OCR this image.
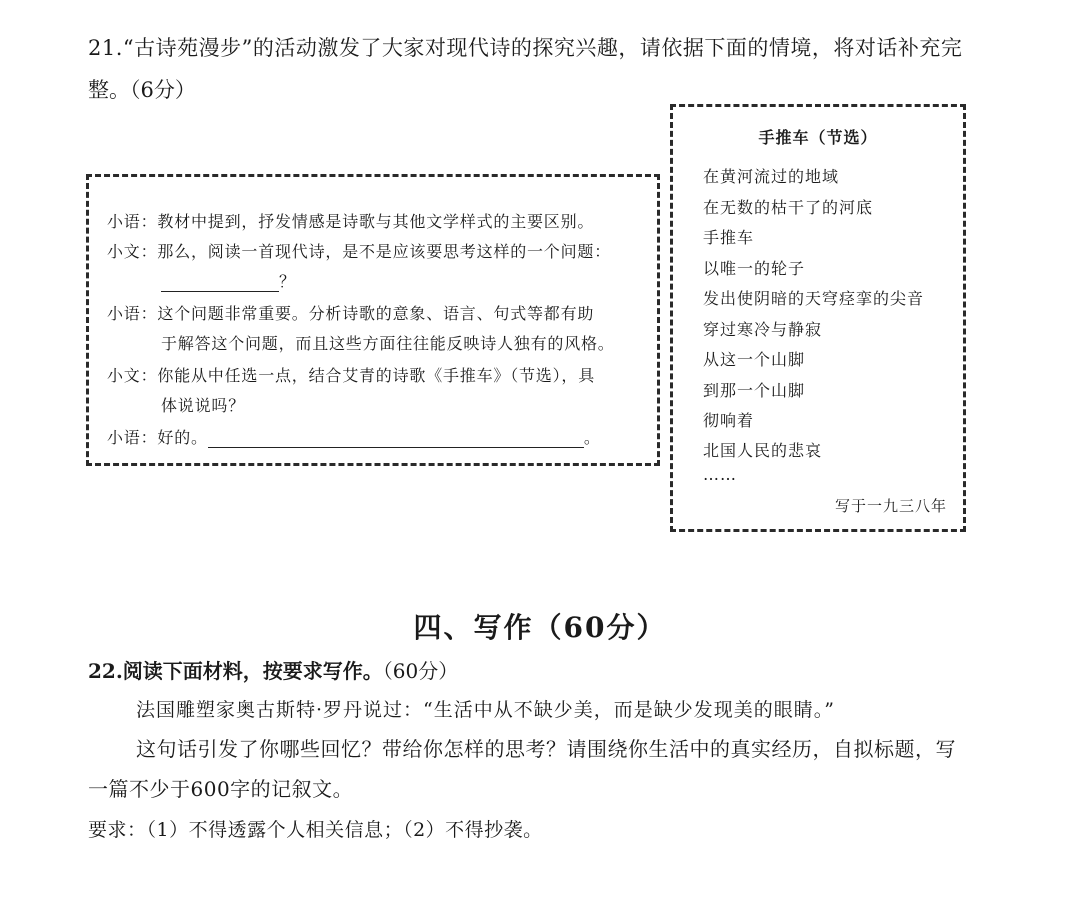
21.“古诗苑漫步”的活动激发了大家对现代诗的探究兴趣，请依据下面的情境，将对话补充完
整。（6分）
小语：教材中提到，抒发情感是诗歌与其他文学样式的主要区别。
小文：那么，阅读一首现代诗，是不是应该要思考这样的一个问题：
？
小语：这个问题非常重要。分析诗歌的意象、语言、句式等都有助
于解答这个问题，而且这些方面往往能反映诗人独有的风格。
小文：你能从中任选一点，结合艾青的诗歌《手推车》（节选），具
体说说吗？
小语：好的。	。
手推车（节选）
在黄河流过的地域
在无数的枯干了的河底
手推车
以唯一的轮子
发出使阴暗的天穹痉挛的尖音
穿过寒冷与静寂
从这一个山脚
到那一个山脚
彻响着
北国人民的悲哀
……
写于一九三八年
四、写作（60分）
22.阅读下面材料，按要求写作。（60分）
法国雕塑家奥古斯特·罗丹说过：“生活中从不缺少美，而是缺少发现美的眼睛。”
这句话引发了你哪些回忆？带给你怎样的思考？请围绕你生活中的真实经历，自拟标题，写
一篇不少于600字的记叙文。
要求：（1）不得透露个人相关信息；（2）不得抄袭。
